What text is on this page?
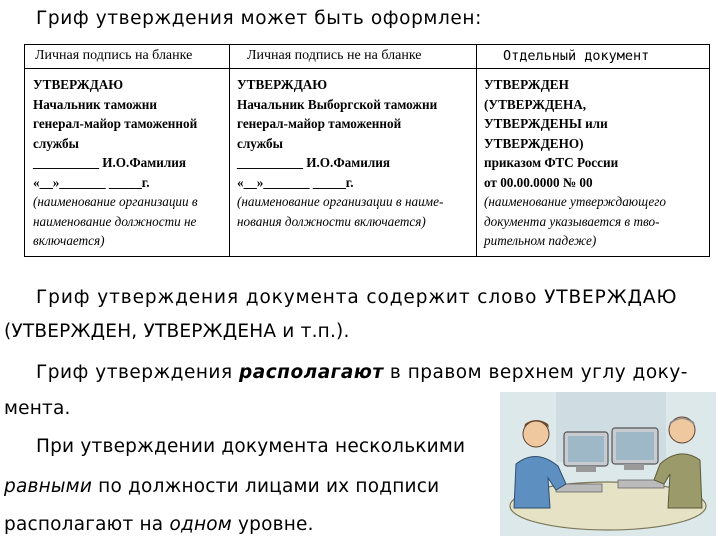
Гриф утверждения может быть оформлен:
Личная подпись на бланке	Личная подпись не на бланке	Отдельный документ
УТВЕРЖДАЮ
Начальник таможни
генерал-майор таможенной
службы
__________ И.О.Фамилия
«__»_______ _____г.
(наименование организации в
наименование должности не
включается)
УТВЕРЖДАЮ
Начальник Выборгской таможни
генерал-майор таможенной
службы
__________ И.О.Фамилия
«__»_______ _____г.
(наименование организации в наиме-
нования должности включается)
УТВЕРЖДЕН
(УТВЕРЖДЕНА,
УТВЕРЖДЕНЫ или
УТВЕРЖДЕНО)
приказом ФТС России
от 00.00.0000 № 00
(наименование утверждающего
документа указывается в тво-
рительном падеже)
Гриф утверждения документа содержит слово УТВЕРЖДАЮ
(УТВЕРЖДЕН, УТВЕРЖДЕНА и т.п.).
Гриф утверждения располагают в правом верхнем углу доку-
мента.
При утверждении документа несколькими
равными по должности лицами их подписи
располагают на одном уровне.
